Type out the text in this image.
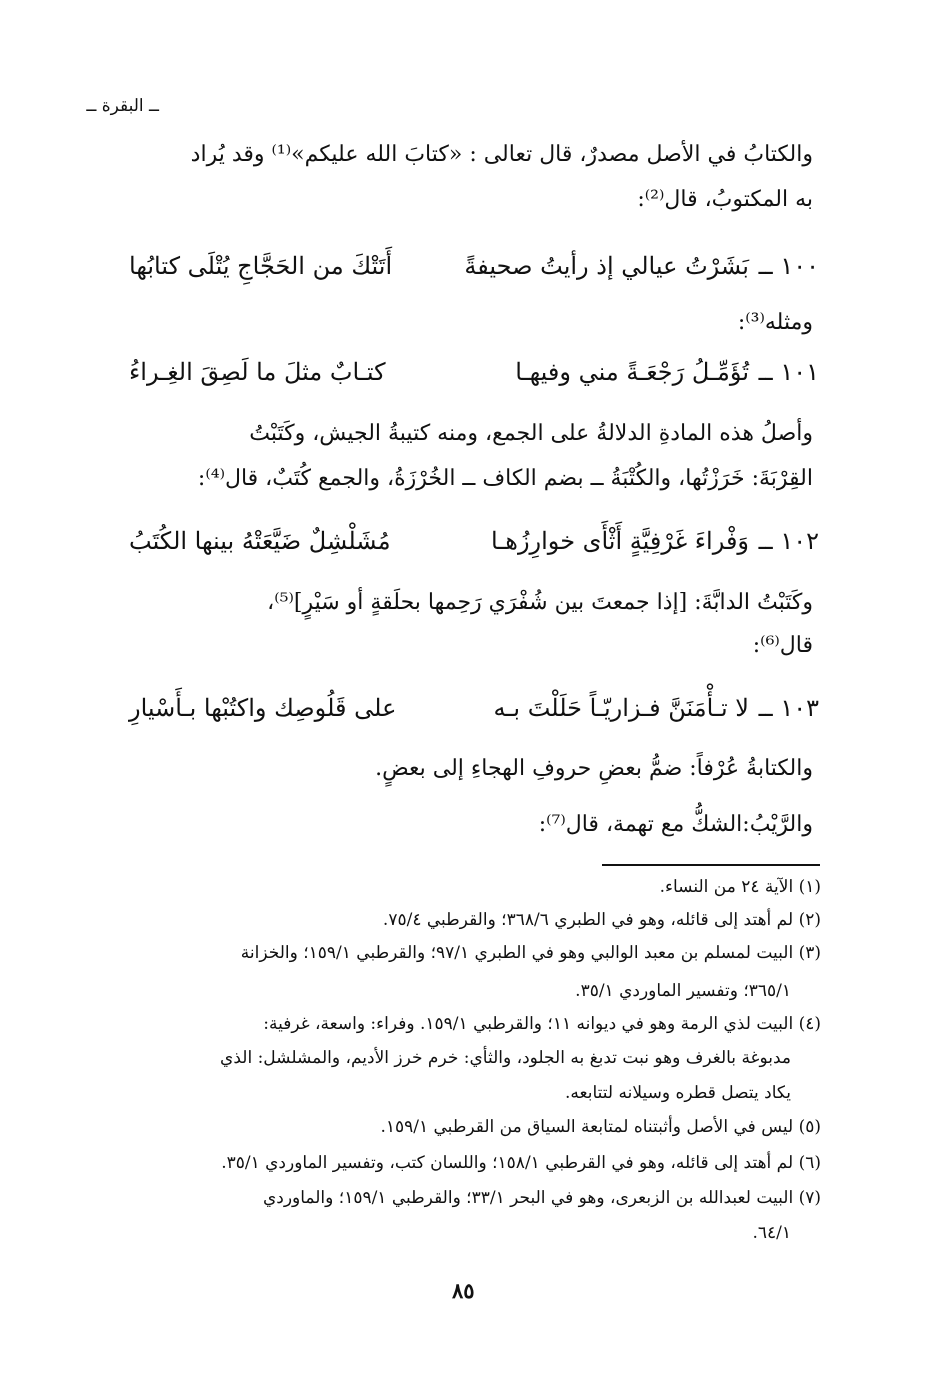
ــ البقرة ــ
والكتابُ في الأصل مصدرٌ، قال تعالى : «كتابَ الله عليكم»⁽¹⁾ وقد يُراد
به المكتوبُ، قال⁽²⁾:
١٠٠ ــ
بَشَرْتُ عيالي إذ رأيتُ صحيفةً
أَتَتْكَ من الحَجَّاجِ يُتْلَى كتابُها
ومثله⁽³⁾:
١٠١ ــ
تُؤَمِّـلُ رَجْعَـةً مني وفيهـا
كتـابٌ مثلَ ما لَصِقَ الغِـراءُ
وأصلُ هذه المادةِ الدلالةُ على الجمع، ومنه كتيبةُ الجيش، وكَتَبْتُ
القِرْبَةَ: خَرَزْتُها، والكُتْبَةُ ــ بضم الكاف ــ الخُرْزَةُ، والجمع كُتَبٌ، قال⁽⁴⁾:
١٠٢ ــ
وَفْراءَ غَرْفِيَّةٍ أَثْأَى خوارِزُهـا
مُشَلْشِلٌ ضَيَّعَتْهُ بينها الكُتَبُ
وكَتَبْتُ الدابَّةَ: [إذا جمعتَ بين شُفْرَي رَحِمها بحلَقةٍ أو سَيْرٍ]⁽⁵⁾،
قال⁽⁶⁾:
١٠٣ ــ
لا تـأْمَنَنَّ فـزاريّـاً حَلَلْتَ بـه
على قَلُوصِك واكتُبْها بـأَسْيارِ
والكتابةُ عُرْفاً: ضمُّ بعضِ حروفِ الهجاءِ إلى بعضٍ.
والرَّيْبُ:الشكُّ مع تهمة، قال⁽⁷⁾:
(١) الآية ٢٤ من النساء.
(٢) لم أهتد إلى قائله، وهو في الطبري ٣٦٨/٦؛ والقرطبي ٧٥/٤.
(٣) البيت لمسلم بن معبد الوالبي وهو في الطبري ٩٧/١؛ والقرطبي ١٥٩/١؛ والخزانة
٣٦٥/١؛ وتفسير الماوردي ٣٥/١.
(٤) البيت لذي الرمة وهو في ديوانه ١١؛ والقرطبي ١٥٩/١. وفراء: واسعة، غرفية:
مدبوغة بالغرف وهو نبت تدبغ به الجلود، والثأي: خرم خرز الأديم، والمشلشل: الذي
يكاد يتصل قطره وسيلانه لتتابعه.
(٥) ليس في الأصل وأثبتناه لمتابعة السياق من القرطبي ١٥٩/١.
(٦) لم أهتد إلى قائله، وهو في القرطبي ١٥٨/١؛ واللسان كتب، وتفسير الماوردي ٣٥/١.
(٧) البيت لعبدالله بن الزبعرى، وهو في البحر ٣٣/١؛ والقرطبي ١٥٩/١؛ والماوردي
٦٤/١.
٨٥
